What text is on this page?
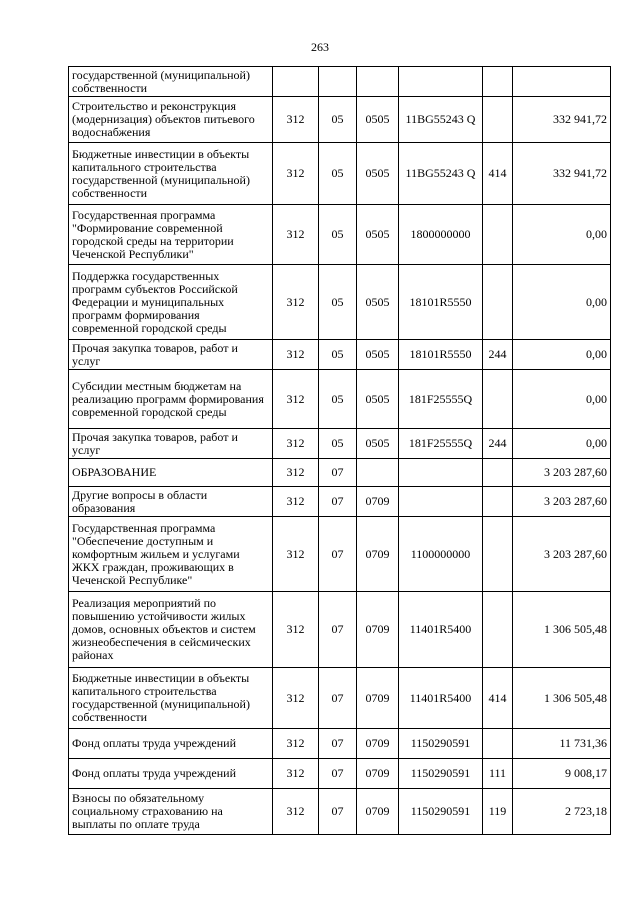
263
государственной (муниципальной) собственности						
Строительство и реконструкция (модернизация) объектов питьевого водоснабжения	312	05	0505	11BG55243 Q		332 941,72
Бюджетные инвестиции в объекты капитального строительства государственной (муниципальной) собственности	312	05	0505	11BG55243 Q	414	332 941,72
Государственная программа "Формирование современной городской среды на территории Чеченской Республики"	312	05	0505	1800000000		0,00
Поддержка государственных программ субъектов Российской Федерации и муниципальных программ формирования современной городской среды	312	05	0505	18101R5550		0,00
Прочая закупка товаров, работ и услуг	312	05	0505	18101R5550	244	0,00
Субсидии местным бюджетам на реализацию программ формирования современной городской среды	312	05	0505	181F25555Q		0,00
Прочая закупка товаров, работ и услуг	312	05	0505	181F25555Q	244	0,00
ОБРАЗОВАНИЕ	312	07				3 203 287,60
Другие вопросы в области образования	312	07	0709			3 203 287,60
Государственная программа "Обеспечение доступным и комфортным жильем и услугами ЖКХ граждан, проживающих в Чеченской Республике"	312	07	0709	1100000000		3 203 287,60
Реализация мероприятий по повышению устойчивости жилых домов, основных объектов и систем жизнеобеспечения в сейсмических районах	312	07	0709	11401R5400		1 306 505,48
Бюджетные инвестиции в объекты капитального строительства государственной (муниципальной) собственности	312	07	0709	11401R5400	414	1 306 505,48
Фонд оплаты труда учреждений	312	07	0709	1150290591		11 731,36
Фонд оплаты труда учреждений	312	07	0709	1150290591	111	9 008,17
Взносы по обязательному социальному страхованию на выплаты по оплате труда	312	07	0709	1150290591	119	2 723,18
